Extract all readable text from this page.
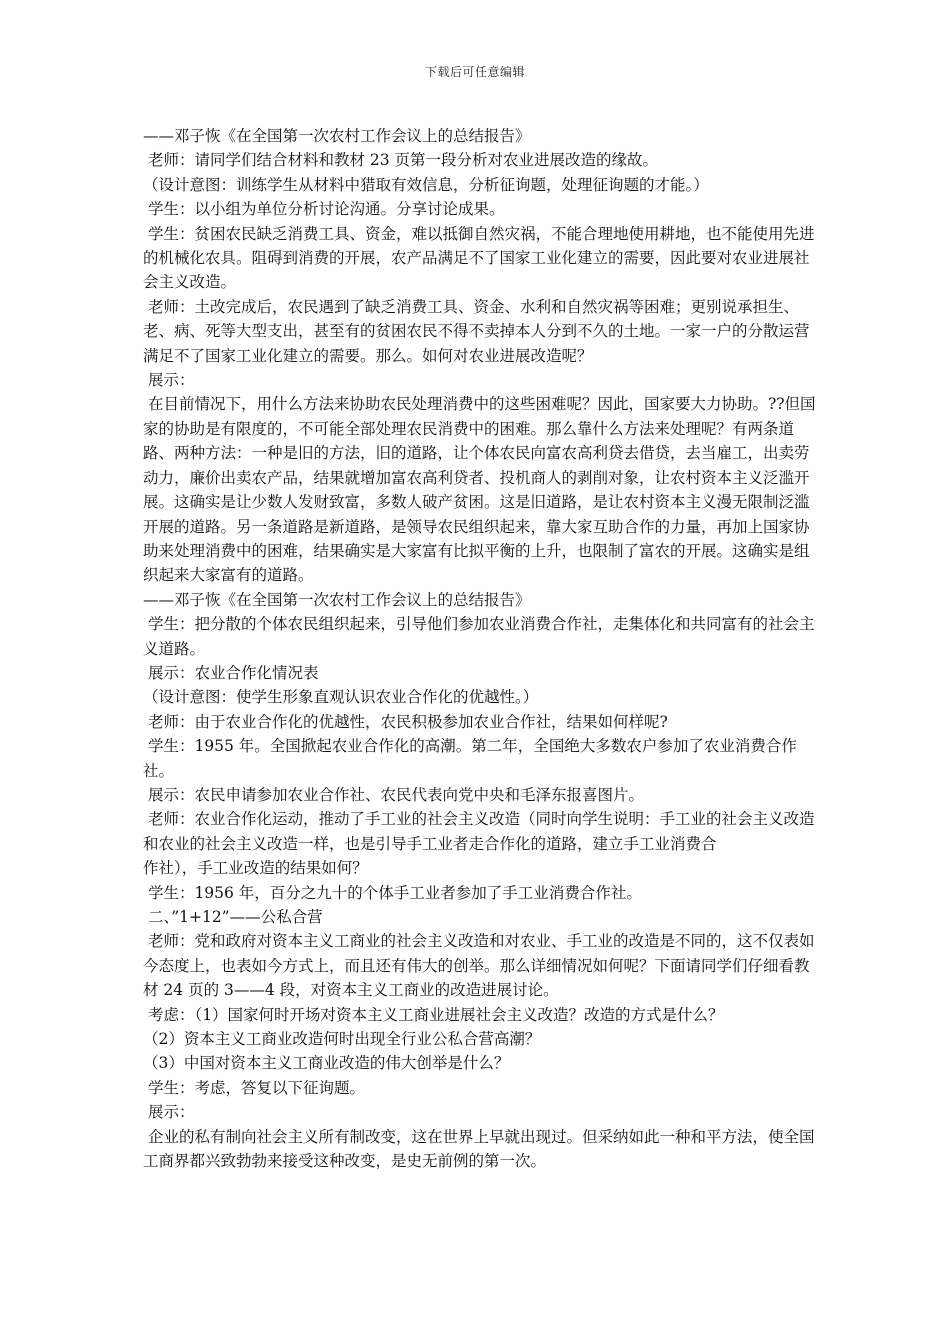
下载后可任意编辑

——邓子恢《在全国第一次农村工作会议上的总结报告》

老师：请同学们结合材料和教材 23 页第一段分析对农业进展改造的缘故。

（设计意图：训练学生从材料中猎取有效信息，分析征询题，处理征询题的才能。）

学生：以小组为单位分析讨论沟通。分享讨论成果。

学生：贫困农民缺乏消费工具、资金，难以抵御自然灾祸，不能合理地使用耕地，也不能使用先进的机械化农具。阻碍到消费的开展，农产品满足不了国家工业化建立的需要，因此要对农业进展社会主义改造。

老师：土改完成后，农民遇到了缺乏消费工具、资金、水利和自然灾祸等困难；更别说承担生、老、病、死等大型支出，甚至有的贫困农民不得不卖掉本人分到不久的土地。一家一户的分散运营满足不了国家工业化建立的需要。那么。如何对农业进展改造呢？

展示：

在目前情况下，用什么方法来协助农民处理消费中的这些困难呢？因此，国家要大力协助。??但国家的协助是有限度的，不可能全部处理农民消费中的困难。那么靠什么方法来处理呢？有两条道路、两种方法：一种是旧的方法，旧的道路，让个体农民向富农高利贷去借贷，去当雇工，出卖劳动力，廉价出卖农产品，结果就增加富农高利贷者、投机商人的剥削对象，让农村资本主义泛滥开展。这确实是让少数人发财致富，多数人破产贫困。这是旧道路，是让农村资本主义漫无限制泛滥开展的道路。另一条道路是新道路，是领导农民组织起来，靠大家互助合作的力量，再加上国家协助来处理消费中的困难，结果确实是大家富有比拟平衡的上升，也限制了富农的开展。这确实是组织起来大家富有的道路。

——邓子恢《在全国第一次农村工作会议上的总结报告》

学生：把分散的个体农民组织起来，引导他们参加农业消费合作社，走集体化和共同富有的社会主义道路。

展示：农业合作化情况表

（设计意图：使学生形象直观认识农业合作化的优越性。）

老师：由于农业合作化的优越性，农民积极参加农业合作社，结果如何样呢?

学生：1955 年。全国掀起农业合作化的高潮。第二年，全国绝大多数农户参加了农业消费合作社。

展示：农民申请参加农业合作社、农民代表向党中央和毛泽东报喜图片。

老师：农业合作化运动，推动了手工业的社会主义改造（同时向学生说明：手工业的社会主义改造和农业的社会主义改造一样，也是引导手工业者走合作化的道路，建立手工业消费合

作社），手工业改造的结果如何？

学生：1956 年，百分之九十的个体手工业者参加了手工业消费合作社。

二、”1+12”——公私合营

老师：党和政府对资本主义工商业的社会主义改造和对农业、手工业的改造是不同的，这不仅表如今态度上，也表如今方式上，而且还有伟大的创举。那么详细情况如何呢？下面请同学们仔细看教材 24 页的 3——4 段，对资本主义工商业的改造进展讨论。

考虑：（1）国家何时开场对资本主义工商业进展社会主义改造？改造的方式是什么？

（2）资本主义工商业改造何时出现全行业公私合营高潮？

（3）中国对资本主义工商业改造的伟大创举是什么？

学生：考虑，答复以下征询题。

展示：

企业的私有制向社会主义所有制改变，这在世界上早就出现过。但采纳如此一种和平方法，使全国工商界都兴致勃勃来接受这种改变，是史无前例的第一次。
